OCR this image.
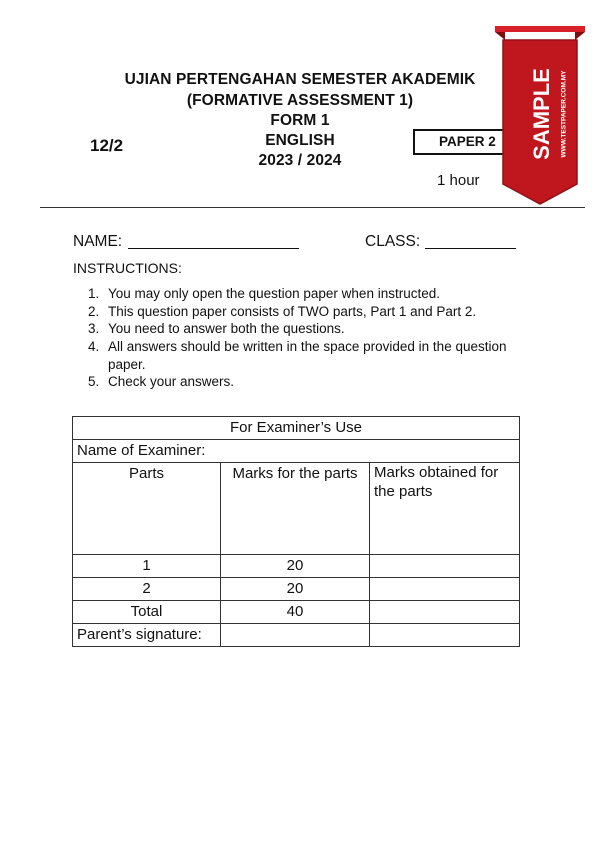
UJIAN PERTENGAHAN SEMESTER AKADEMIK
(FORMATIVE ASSESSMENT 1)
FORM 1
ENGLISH
2023 / 2024
12/2	PAPER 2
1 hour
SAMPLE WWW.TESTPAPER.COM.MY
NAME:	CLASS:
INSTRUCTIONS:
1. You may only open the question paper when instructed.
2. This question paper consists of TWO parts, Part 1 and Part 2.
3. You need to answer both the questions.
4. All answers should be written in the space provided in the question paper.
5. Check your answers.
For Examiner’s Use		
Name of Examiner:		
Parts	Marks for the parts	Marks obtained for the parts
1	20	
2	20	
Total	40	
Parent’s signature:		
